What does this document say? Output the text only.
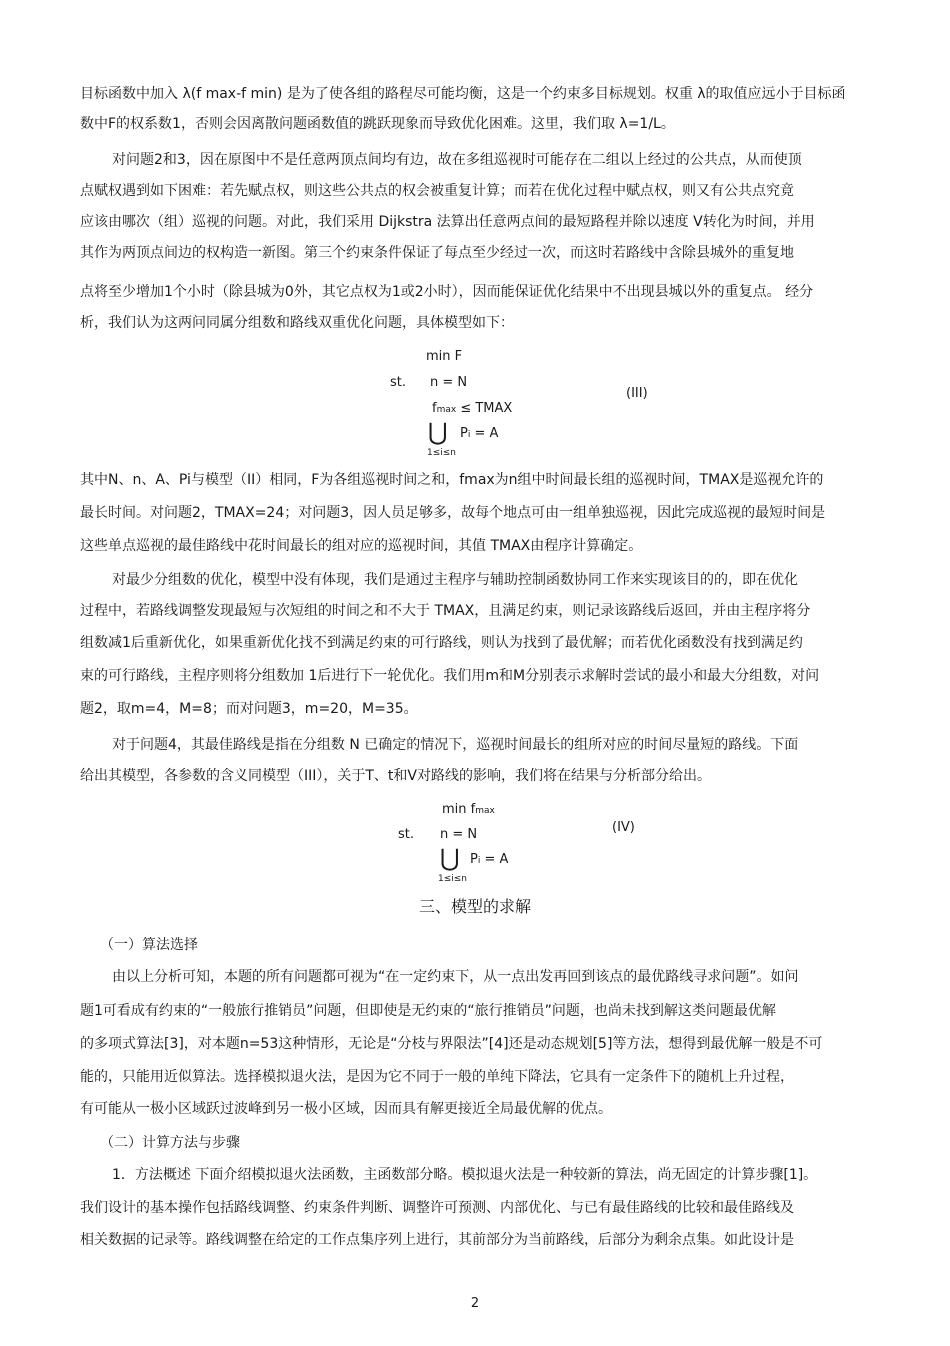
目标函数中加入 λ(f max-f min) 是为了使各组的路程尽可能均衡，这是一个约束多目标规划。权重 λ的取值应远小于目标函
数中F的权系数1，否则会因离散问题函数值的跳跃现象而导致优化困难。这里，我们取 λ=1/L。
对问题2和3，因在原图中不是任意两顶点间均有边，故在多组巡视时可能存在二组以上经过的公共点，从而使顶
点赋权遇到如下困难：若先赋点权，则这些公共点的权会被重复计算；而若在优化过程中赋点权，则又有公共点究竟
应该由哪次（组）巡视的问题。对此，我们采用 Dijkstra 法算出任意两点间的最短路程并除以速度 V转化为时间，并用
其作为两顶点间边的权构造一新图。第三个约束条件保证了每点至少经过一次，而这时若路线中含除县城外的重复地
点将至少增加1个小时（除县城为0外，其它点权为1或2小时），因而能保证优化结果中不出现县城以外的重复点。 经分
析，我们认为这两问同属分组数和路线双重优化问题，具体模型如下：
min F
st. n = N
fmax ≤ TMAX
⋃ Pi = A
1≤i≤n
(III)
其中N、n、A、Pi与模型（II）相同，F为各组巡视时间之和，fmax为n组中时间最长组的巡视时间，TMAX是巡视允许的
最长时间。对问题2，TMAX=24；对问题3，因人员足够多，故每个地点可由一组单独巡视，因此完成巡视的最短时间是
这些单点巡视的最佳路线中花时间最长的组对应的巡视时间，其值 TMAX由程序计算确定。
对最少分组数的优化，模型中没有体现，我们是通过主程序与辅助控制函数协同工作来实现该目的的，即在优化
过程中，若路线调整发现最短与次短组的时间之和不大于 TMAX，且满足约束，则记录该路线后返回，并由主程序将分
组数减1后重新优化，如果重新优化找不到满足约束的可行路线，则认为找到了最优解；而若优化函数没有找到满足约
束的可行路线，主程序则将分组数加 1后进行下一轮优化。我们用m和M分别表示求解时尝试的最小和最大分组数，对问
题2，取m=4，M=8；而对问题3，m=20，M=35。
对于问题4，其最佳路线是指在分组数 N 已确定的情况下，巡视时间最长的组所对应的时间尽量短的路线。下面
给出其模型，各参数的含义同模型（III），关于T、t和V对路线的影响，我们将在结果与分析部分给出。
min fmax
st. n = N
⋃ Pi = A
1≤i≤n
(IV)
三、模型的求解
（一）算法选择
由以上分析可知，本题的所有问题都可视为“在一定约束下，从一点出发再回到该点的最优路线寻求问题”。如问
题1可看成有约束的“一般旅行推销员”问题，但即使是无约束的“旅行推销员”问题，也尚未找到解这类问题最优解
的多项式算法[3]，对本题n=53这种情形，无论是“分枝与界限法”[4]还是动态规划[5]等方法，想得到最优解一般是不可
能的，只能用近似算法。选择模拟退火法，是因为它不同于一般的单纯下降法，它具有一定条件下的随机上升过程，
有可能从一极小区域跃过波峰到另一极小区域，因而具有解更接近全局最优解的优点。
（二）计算方法与步骤
1．方法概述 下面介绍模拟退火法函数，主函数部分略。模拟退火法是一种较新的算法，尚无固定的计算步骤[1]。
我们设计的基本操作包括路线调整、约束条件判断、调整许可预测、内部优化、与已有最佳路线的比较和最佳路线及
相关数据的记录等。路线调整在给定的工作点集序列上进行，其前部分为当前路线，后部分为剩余点集。如此设计是
2
